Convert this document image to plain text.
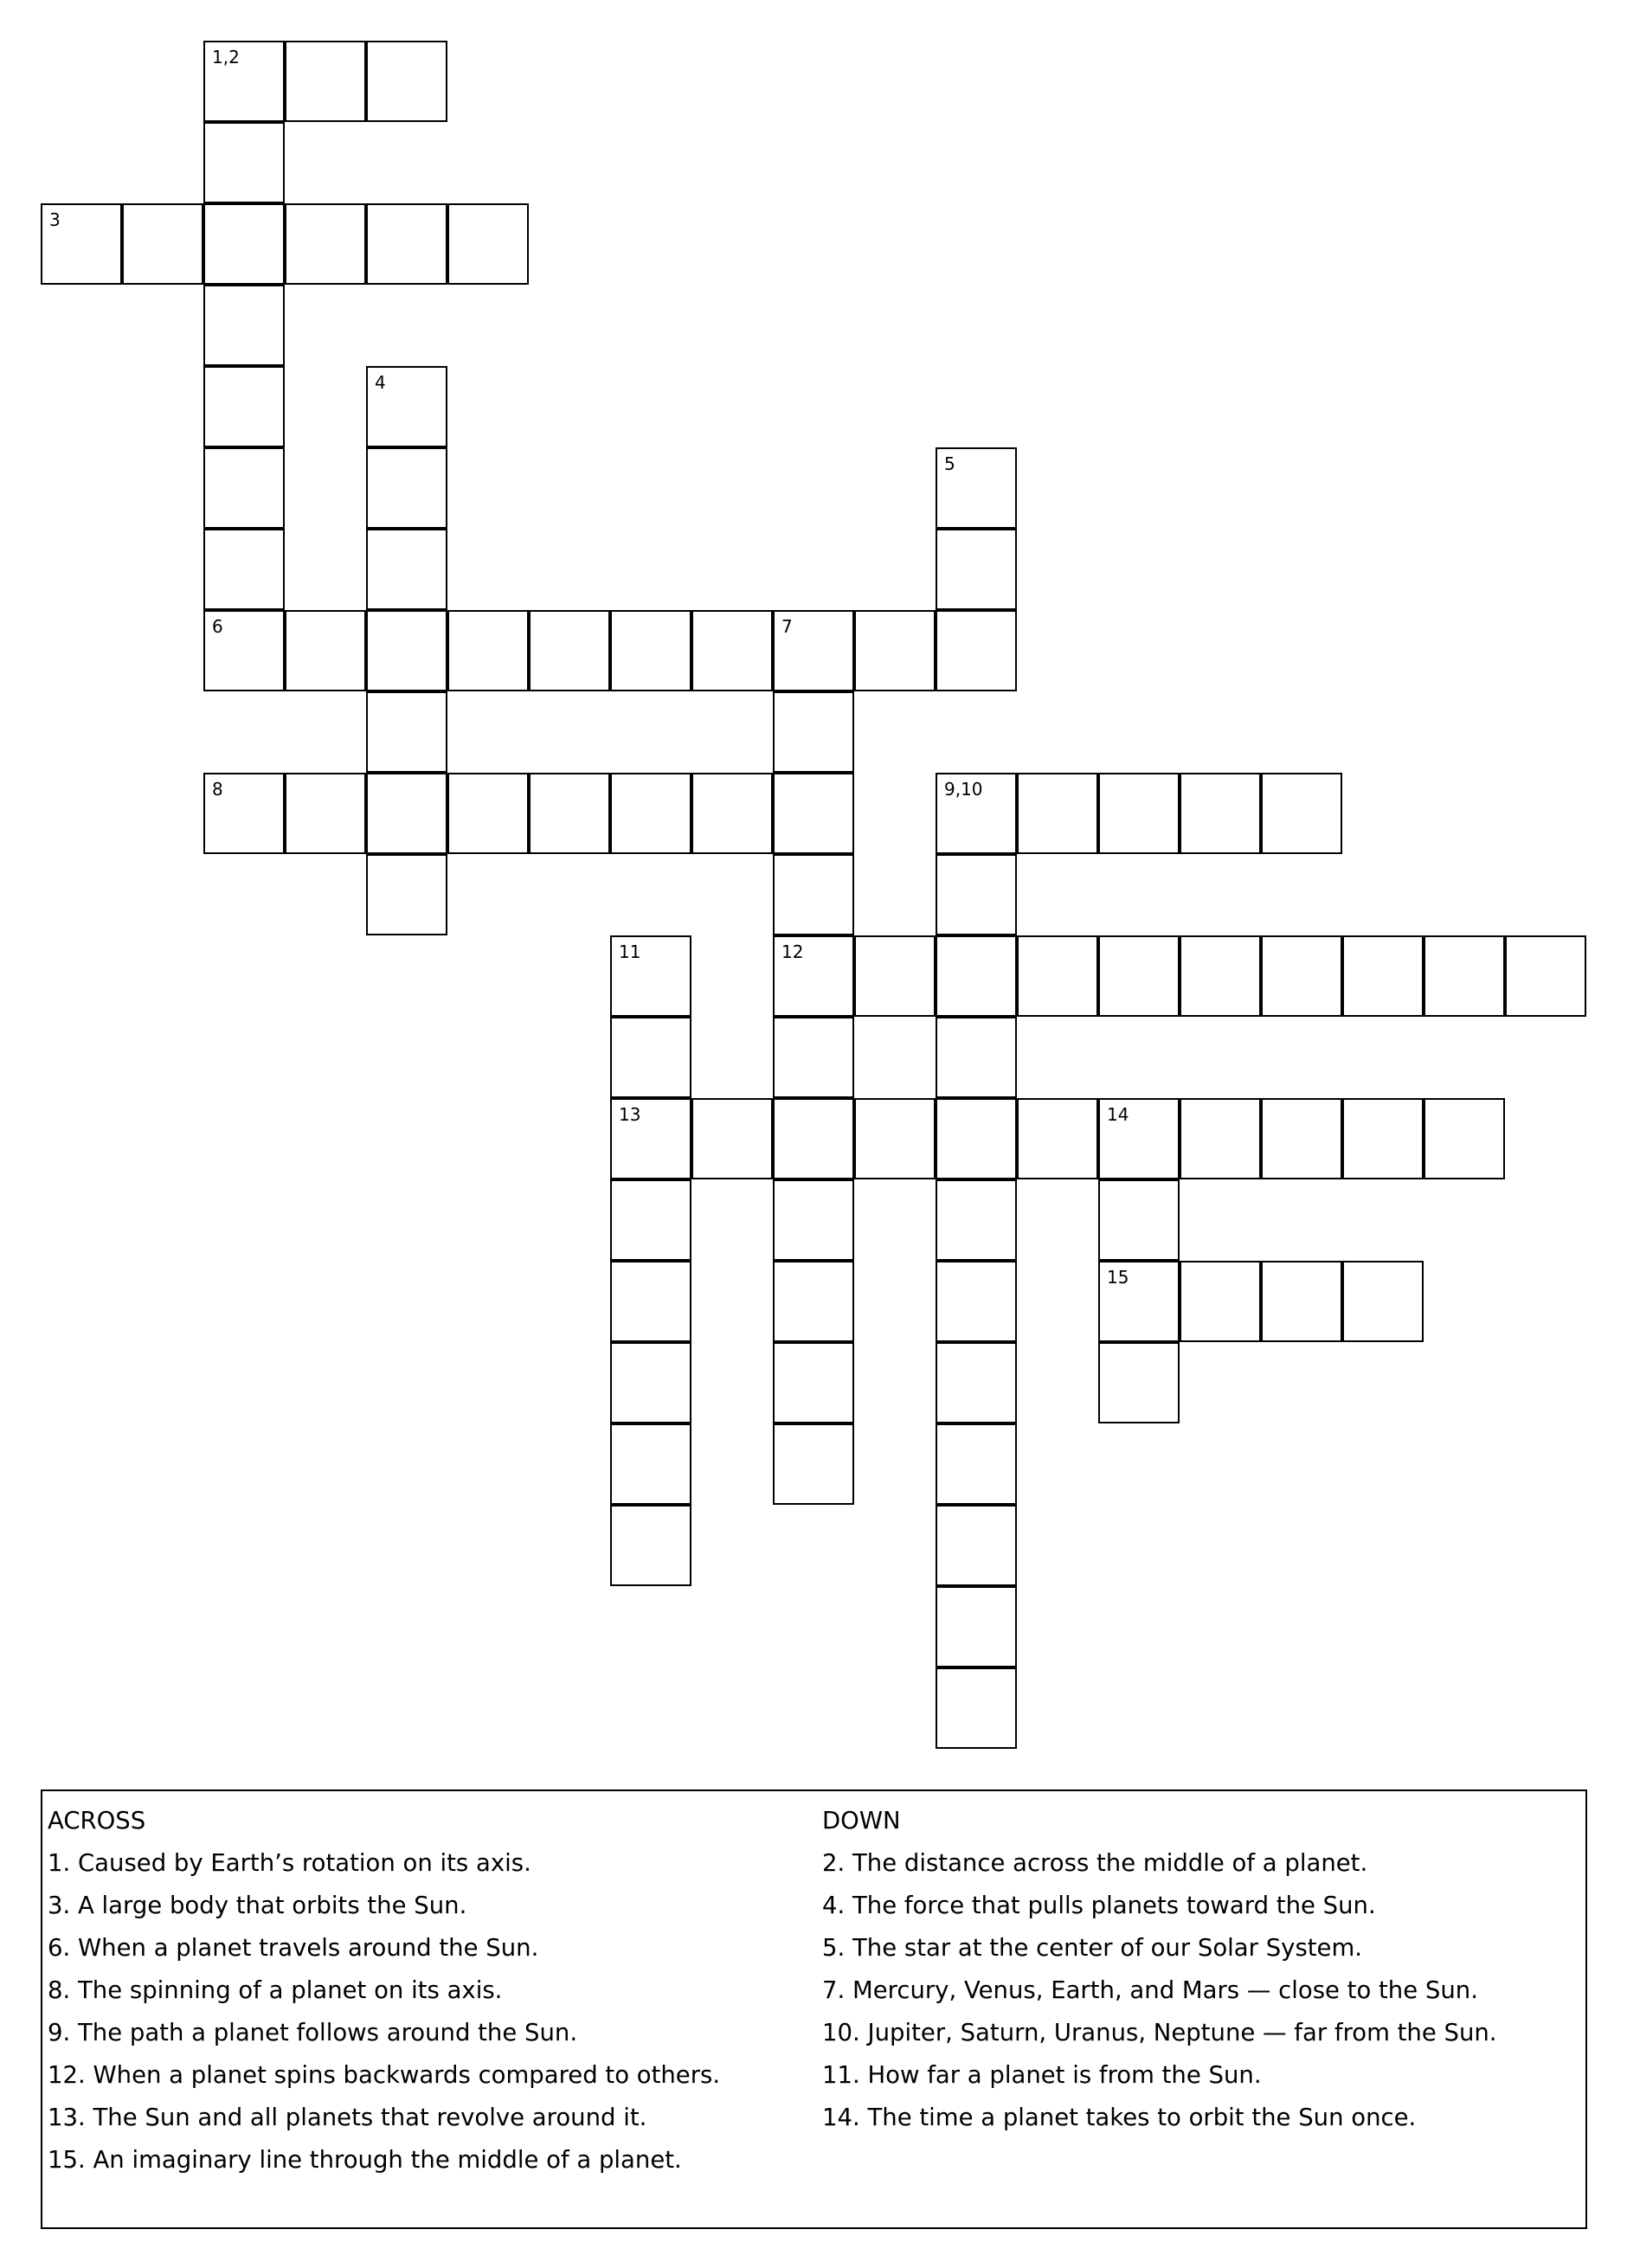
1,2
3
4
5
6	7
12
8	9,10
11
13	14
15
ACROSS
1. Caused by Earth’s rotation on its axis.
3. A large body that orbits the Sun.
6. When a planet travels around the Sun.
8. The spinning of a planet on its axis.
9. The path a planet follows around the Sun.
12. When a planet spins backwards compared to others.
13. The Sun and all planets that revolve around it.
15. An imaginary line through the middle of a planet.
DOWN
2. The distance across the middle of a planet.
4. The force that pulls planets toward the Sun.
5. The star at the center of our Solar System.
7. Mercury, Venus, Earth, and Mars — close to the Sun.
10. Jupiter, Saturn, Uranus, Neptune — far from the Sun.
11. How far a planet is from the Sun.
14. The time a planet takes to orbit the Sun once.
